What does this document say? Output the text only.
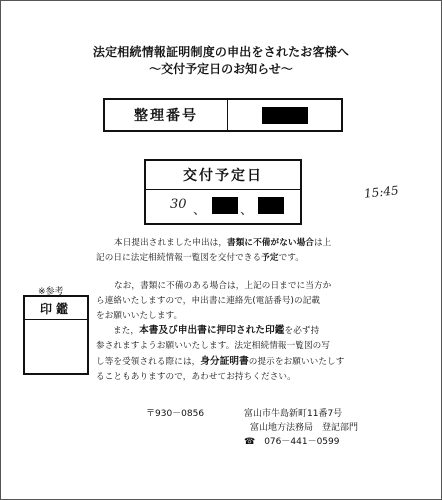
法定相続情報証明制度の申出をされたお客様へ
～交付予定日のお知らせ～
整理番号
交付予定日
30 、	、
15:45
本日提出されました申出は，書類に不備がない場合は上
記の日に法定相続情報一覧図を交付できる予定です。
なお，書類に不備のある場合は，上記の日までに当方か
ら連絡いたしますので，申出書に連絡先(電話番号)の記載
をお願いいたします。
また，本書及び申出書に押印された印鑑を必ず持
参されますようお願いいたします。法定相続情報一覧図の写
し等を受領される際には，身分証明書の提示をお願いいたしす
ることもありますので，あわせてお持ちください。
※参考
印鑑
〒930－0856	富山市牛島新町11番7号
富山地方法務局　登記部門
☎　076－441－0599
